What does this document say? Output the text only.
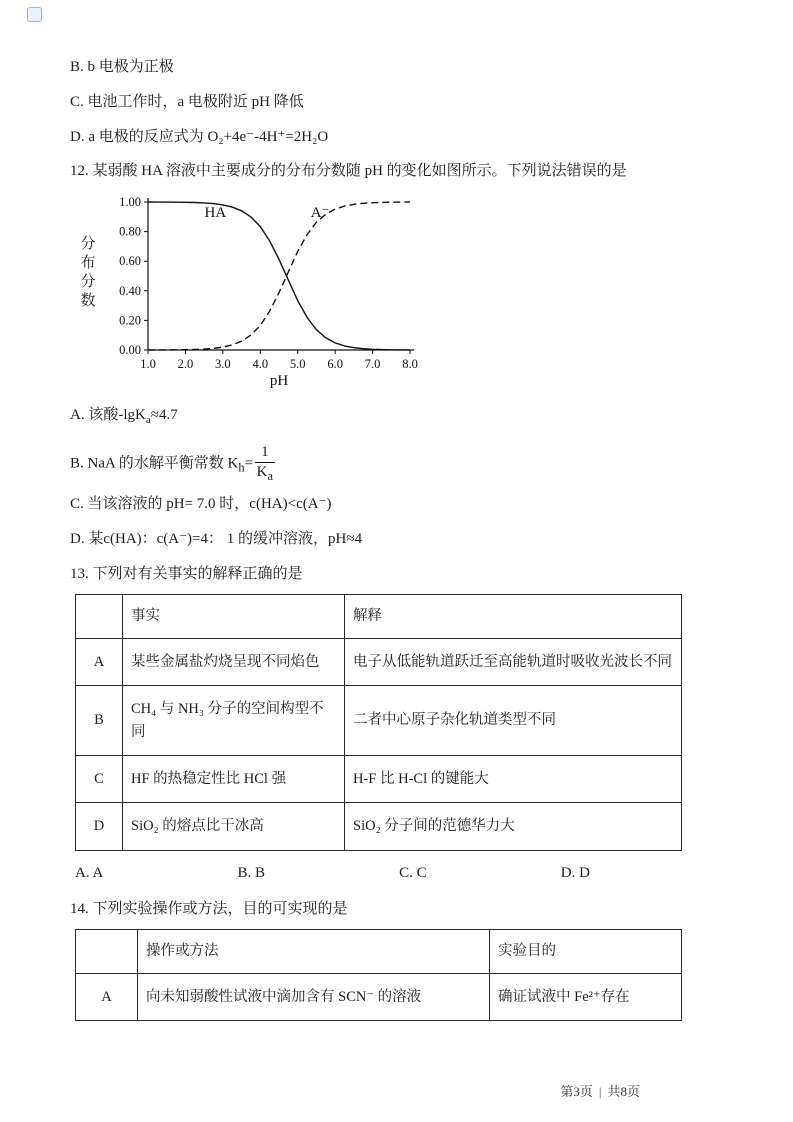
B. b 电极为正极
C. 电池工作时，a 电极附近 pH 降低
D. a 电极的反应式为 O₂+4e⁻-4H⁺=2H₂O
12. 某弱酸 HA 溶液中主要成分的分布分数随 pH 的变化如图所示。下列说法错误的是
分布分数
0.00
0.20
0.40
0.60
0.80
1.00
1.0 2.0 3.0 4.0 5.0 6.0 7.0 8.0
HA	A⁻
pH
A. 该酸-lgK$_a$≈4.7
B. NaA 的水解平衡常数 $K_h= \frac{1}{K_a}$
C. 当该溶液的 pH= 7.0 时，c(HA)<c(A⁻)
D. 某c(HA)：c(A⁻)=4： 1 的缓冲溶液，pH≈4
13. 下列对有关事实的解释正确的是
	事实	解释
A	某些金属盐灼烧呈现不同焰色	电子从低能轨道跃迁至高能轨道时吸收光波长不同
B	CH₄ 与 NH₃ 分子的空间构型不同	二者中心原子杂化轨道类型不同
C	HF 的热稳定性比 HCl 强	H-F 比 H-Cl 的键能大
D	SiO₂ 的熔点比干冰高	SiO₂ 分子间的范德华力大
A. A	B. B	C. C	D. D
14. 下列实验操作或方法，目的可实现的是
	操作或方法	实验目的
A	向未知弱酸性试液中滴加含有 SCN⁻ 的溶液	确证试液中 Fe²⁺存在
第3页 | 共8页
